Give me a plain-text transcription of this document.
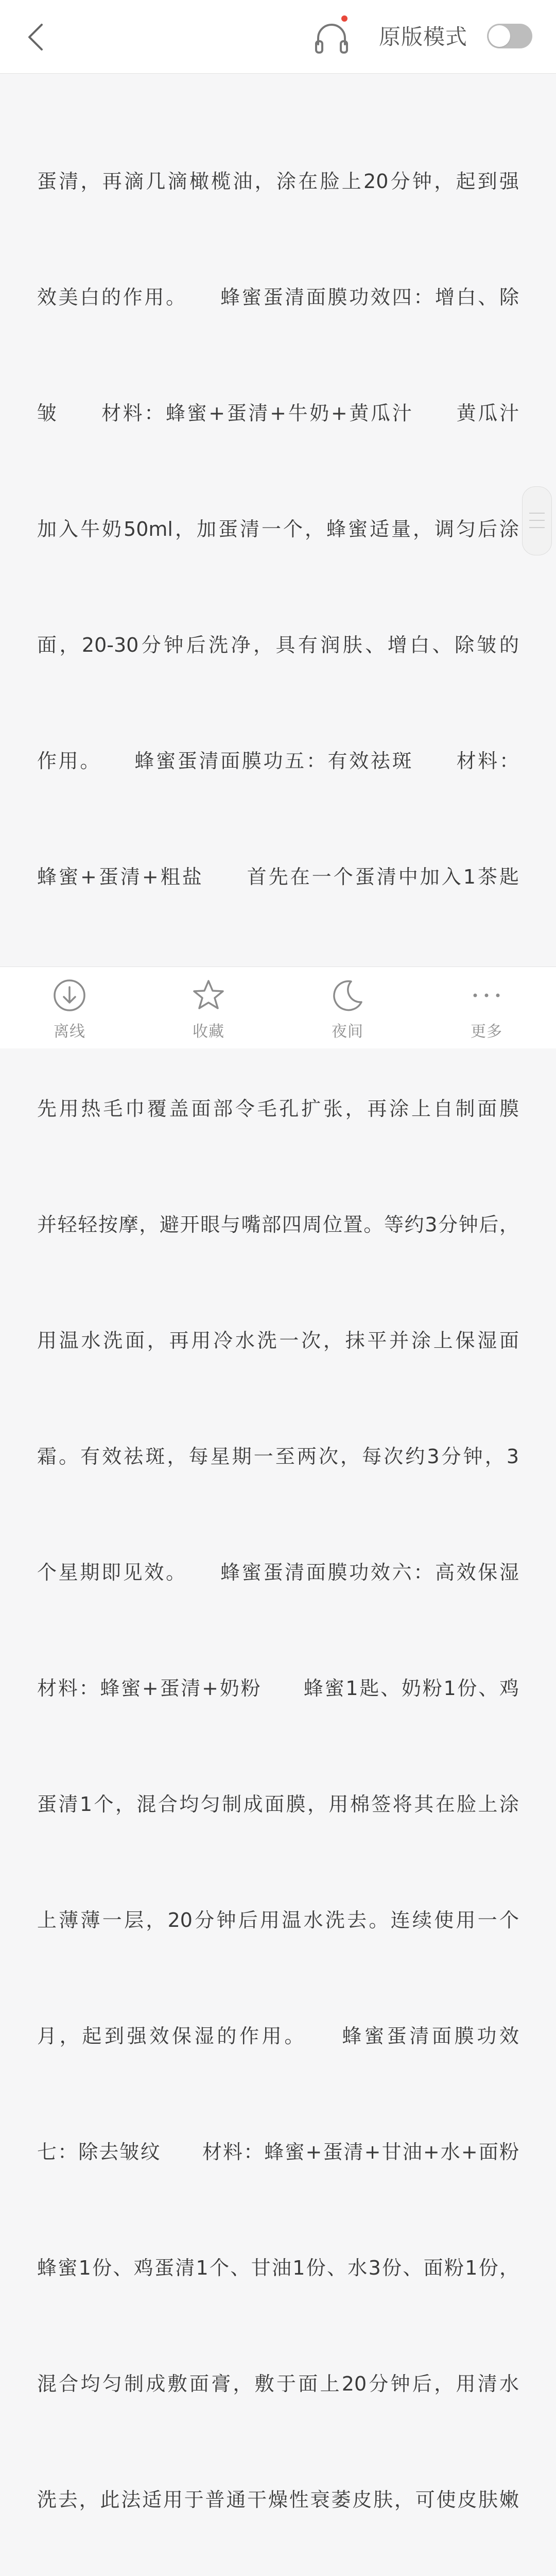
蛋清，再滴几滴橄榄油，涂在脸上20分钟，起到强

效美白的作用。　　蜂蜜蛋清面膜功效四：增白、除

皱　　材料：蜂蜜+蛋清+牛奶+黄瓜汁　　黄瓜汁

加入牛奶50ml，加蛋清一个，蜂蜜适量，调匀后涂

面，20-30分钟后洗净，具有润肤、增白、除皱的

作用。　　蜂蜜蛋清面膜功五：有效祛斑　　材料：

蜂蜜+蛋清+粗盐　　首先在一个蛋清中加入1茶匙

先用热毛巾覆盖面部令毛孔扩张，再涂上自制面膜

并轻轻按摩，避开眼与嘴部四周位置。等约3分钟后，

用温水洗面，再用冷水洗一次，抹平并涂上保湿面

霜。有效祛斑，每星期一至两次，每次约3分钟，3

个星期即见效。　　蜂蜜蛋清面膜功效六：高效保湿

材料：蜂蜜+蛋清+奶粉　　蜂蜜1匙、奶粉1份、鸡

蛋清1个，混合均匀制成面膜，用棉签将其在脸上涂

上薄薄一层，20分钟后用温水洗去。连续使用一个

月，起到强效保湿的作用。　　蜂蜜蛋清面膜功效

七：除去皱纹　　材料：蜂蜜+蛋清+甘油+水+面粉

蜂蜜1份、鸡蛋清1个、甘油1份、水3份、面粉1份，

混合均匀制成敷面膏，敷于面上20分钟后，用清水

洗去，此法适用于普通干燥性衰萎皮肤，可使皮肤嫩

原版模式
离线	收藏	夜间	更多
